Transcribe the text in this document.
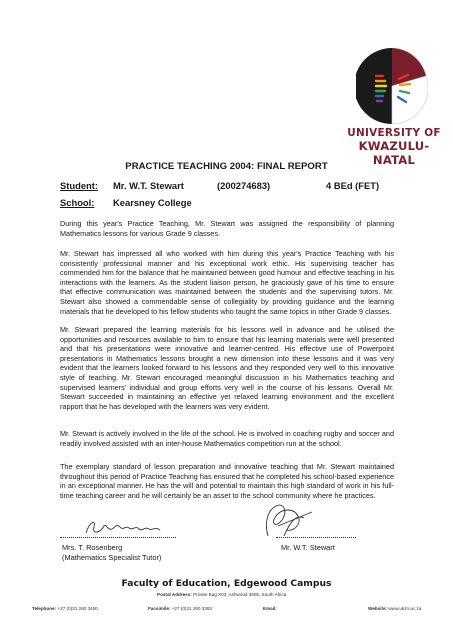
UNIVERSITY OF
KWAZULU-NATAL
PRACTICE TEACHING 2004: FINAL REPORT
Student: Mr. W.T. Stewart	(200274683)	4 BEd (FET)
School: Kearsney College

During this year's Practice Teaching, Mr. Stewart was assigned the responsibility of planning Mathematics lessons for various Grade 9 classes.

Mr. Stewart has impressed all who worked with him during this year's Practice Teaching with his consistently professional manner and his exceptional work ethic. His supervising teacher has commended him for the balance that he maintained between good humour and effective teaching in his interactions with the learners. As the student liaison person, he graciously gave of his time to ensure that effective communication was maintained between the students and the supervising tutors. Mr. Stewart also showed a commendable sense of collegiality by providing guidance and the learning materials that he developed to his fellow students who taught the same topics in other Grade 9 classes.

Mr. Stewart prepared the learning materials for his lessons well in advance and he utilised the opportunities and resources available to him to ensure that his learning materials were well presented and that his presentations were innovative and learner-centred. His effective use of Powerpoint presentations in Mathematics lessons brought a new dimension into these lessons and it was very evident that the learners looked forward to his lessons and they responded very well to this innovative style of teaching. Mr. Stewart encouraged meaningful discussion in his Mathematics teaching and supervised learners' individual and group efforts very well in the course of his lessons. Overall Mr. Stewart succeeded in maintaining an effective yet relaxed learning environment and the excellent rapport that he has developed with the learners was very evident.

Mr. Stewart is actively involved in the life of the school. He is involved in coaching rugby and soccer and readily involved assisted with an inter-house Mathematics competition run at the school.

The exemplary standard of lesson preparation and innovative teaching that Mr. Stewart maintained throughout this period of Practice Teaching has ensured that he completed his school-based experience in an exceptional manner. He has the will and potential to maintain this high standard of work in his full-time teaching career and he will certainly be an asset to the school community where he practices.

Mrs. T. Rosenberg
(Mathematics Specialist Tutor)
Mr. W.T. Stewart
Faculty of Education, Edgewood Campus
Postal Address: Private Bag X03, Ashwood 3605, South Africa
Telephone: +27 (0)31 260 3450	Facsimile: +27 (0)31 260 3393	Email:	Website: www.ukzn.ac.za
